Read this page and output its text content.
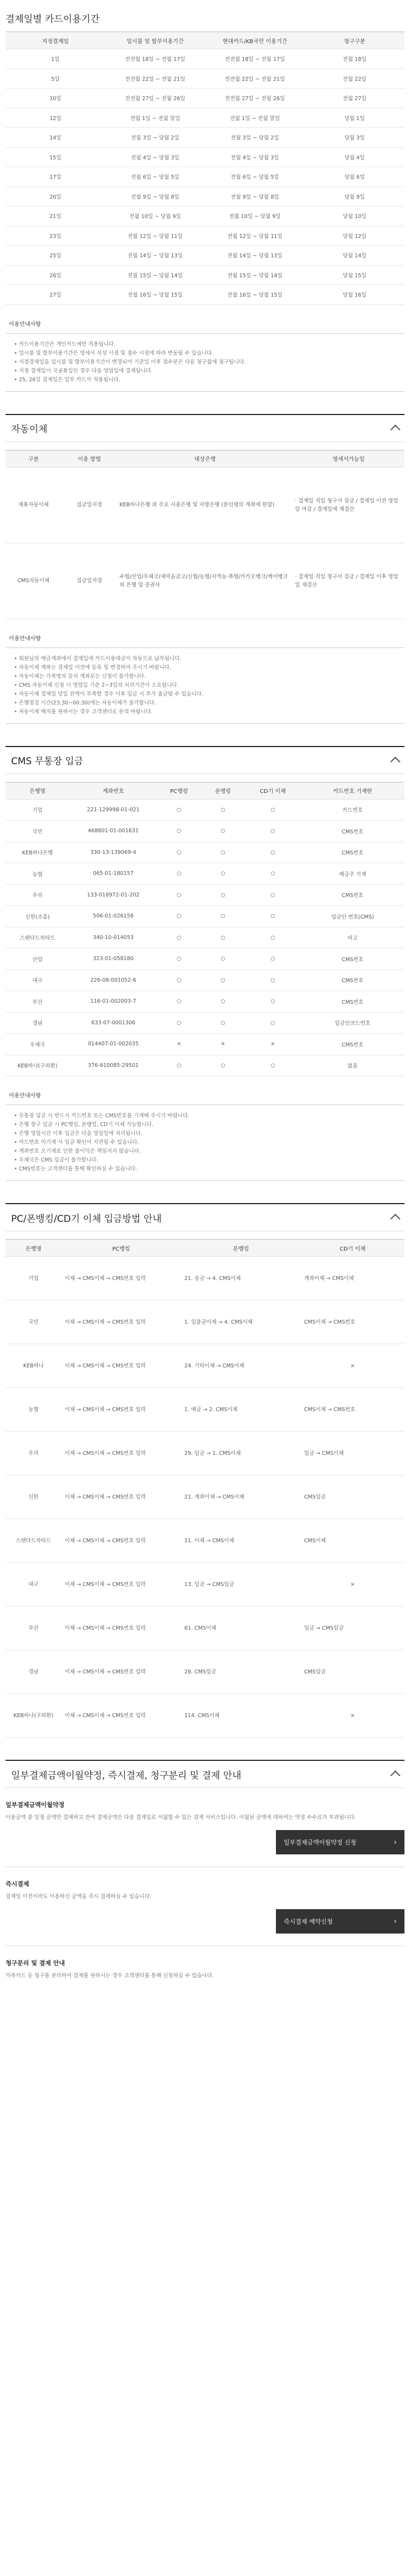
결제일별 카드이용기간
지정결제일	일시불 및 할부이용기간	현대카드/KB국민 이용기간	청구구분
1일	전전월 18일 ~ 전월 17일	전전월 18일 ~ 전월 17일	전월 18일
5일	전전월 22일 ~ 전월 21일	전전월 22일 ~ 전월 21일	전월 22일
10일	전전월 27일 ~ 전월 26일	전전월 27일 ~ 전월 26일	전월 27일
12일	전월 1일 ~ 전월 말일	전월 1일 ~ 전월 말일	당월 1일
14일	전월 3일 ~ 당월 2일	전월 3일 ~ 당월 2일	당월 3일
15일	전월 4일 ~ 당월 3일	전월 4일 ~ 당월 3일	당월 4일
17일	전월 6일 ~ 당월 5일	전월 6일 ~ 당월 5일	당월 6일
20일	전월 9일 ~ 당월 8일	전월 9일 ~ 당월 8일	당월 9일
21일	전월 10일 ~ 당월 9일	전월 10일 ~ 당월 9일	당월 10일
23일	전월 12일 ~ 당월 11일	전월 12일 ~ 당월 11일	당월 12일
25일	전월 14일 ~ 당월 13일	전월 14일 ~ 당월 13일	당월 14일
26일	전월 15일 ~ 당월 14일	전월 15일 ~ 당월 14일	당월 15일
27일	전월 16일 ~ 당월 15일	전월 16일 ~ 당월 15일	당월 16일
이용안내사항
• 카드이용기간은 개인카드에만 적용됩니다.
• 일시불 및 할부이용기간은 영세서 작성 시점 및 접수 시점에 따라 변동될 수 있습니다.
• 지정결제일을 일시불 및 할부이용기간이 변경되어 기준일 이후 접수분은 다음 청구월에 청구됩니다.
• 지정 결제일이 국공휴일인 경우 다음 영업일에 결제됩니다.
• 25, 26일 결제일은 일부 카드사 적용됩니다.
자동이체
구분	이용 방법	대상은행	영세서가능일
제휴자동이체	집금일지정	KEB하나은행 외 주요 시중은행 및 지방은행 (본인명의 계좌에 한함)	· 결제일 직일 청구서 집금 / 결제일 이전 영업일 마감 / 결제일에 재결산
CMS자동이체	집금일지정	수협/산업/우체국/새마을금고/신협/농협/지역농·축협/카카오뱅크/케이뱅크 외 은행 및 증권사	· 결제일 직일 청구서 집금 / 결제일 이후 영업일 재결산
이용안내사항
• 회원님의 예금계좌에서 결제일에 카드이용대금이 자동으로 납부됩니다.
• 자동이체 계좌는 결제일 이전에 등록 및 변경하여 주시기 바랍니다.
• 자동이체는 가족명의 등의 계좌로는 신청이 불가합니다.
• CMS 자동이체 신청 시 영업일 기준 2~3일의 처리기간이 소요됩니다.
• 자동이체 결제일 당일 잔액이 부족할 경우 이후 입금 시 추가 출금될 수 있습니다.
• 은행점검 시간(23:30~00:30)에는 자동이체가 불가합니다.
• 자동이체 해지를 원하시는 경우 고객센터로 문의 바랍니다.
CMS 무통장 입금
은행명	계좌번호	PC뱅킹	폰뱅킹	CD기 이체	카드번호 기재란
기업	221-129998-01-021	○	○	○	카드번호
국민	468801-01-001631	○	○	○	CMS번호
KEB하나은행	330-13-139069-4	○	○	○	CMS번호
농협	065-01-180157	○	○	○	예금주 기재
우리	133-018972-01-202	○	○	○	CMS번호
신한(조흥)	506-01-026158	○	○	○	입금인 번호(CMS)
스탠다드차타드	340-10-014053	○	○	○	비고
산업	323-01-058180	○	○	○	CMS번호
대구	226-08-001052-6	○	○	○	CMS번호
부산	116-01-002003-7	○	○	○	CMS번호
경남	633-07-0001306	○	○	○	입금인코드번호
우체국	014407-01-002035	×	×	×	CMS번호
KEB하나(구외환)	376-610085-29501	○	○	○	없음
이용안내사항
• 무통장 입금 시 반드시 카드번호 또는 CMS번호를 기재해 주시기 바랍니다.
• 은행 창구 입금 시 PC뱅킹, 폰뱅킹, CD기 이체 가능합니다.
• 은행 영업시간 이후 입금은 다음 영업일에 처리됩니다.
• 카드번호 미기재 시 입금 확인이 지연될 수 있습니다.
• 계좌번호 오기재로 인한 불이익은 책임지지 않습니다.
• 우체국은 CMS 입금이 불가합니다.
• CMS번호는 고객센터를 통해 확인하실 수 있습니다.
PC/폰뱅킹/CD기 이체 입금방법 안내
은행명	PC뱅킹	폰뱅킹	CD기 이체
기업	이체 → CMS이체 → CMS번호 입력	21. 송금 → 4. CMS이체	계좌이체 → CMS이체
국민	이체 → CMS이체 → CMS번호 입력	1. 입출금이체 → 4. CMS이체	CMS이체 → CMS번호
KEB하나	이체 → CMS이체 → CMS번호 입력	24. 기타이체 → CMS이체	×
농협	이체 → CMS이체 → CMS번호 입력	1. 예금 → 2. CMS이체	CMS이체 → CMS번호
우리	이체 → CMS이체 → CMS번호 입력	29. 입금 → 1. CMS이체	입금 → CMS이체
신한	이체 → CMS이체 → CMS번호 입력	21. 계좌이체 → CMS이체	CMS입금
스탠다드차타드	이체 → CMS이체 → CMS번호 입력	11. 이체 → CMS이체	CMS이체
대구	이체 → CMS이체 → CMS번호 입력	13. 입금 → CMS입금	×
부산	이체 → CMS이체 → CMS번호 입력	61. CMS이체	입금 → CMS입금
경남	이체 → CMS이체 → CMS번호 입력	28. CMS입금	CMS입금
KEB하나(구외환)	이체 → CMS이체 → CMS번호 입력	114. CMS이체	×
일부결제금액이월약정, 즉시결제, 청구분리 및 결제 안내
일부결제금액이월약정

이용금액 중 일정 금액만 결제하고 잔여 결제금액은 다음 결제일로 이월할 수 있는 결제 서비스입니다. 이월된 금액에 대하여는 약정 수수료가 부과됩니다.

일부결제금액이월약정 신청	›
즉시결제

결제일 이전이라도 이용하신 금액을 즉시 결제하실 수 있습니다.

즉시결제 예약신청	›
청구분리 및 결제 안내

가족카드 등 청구를 분리하여 결제를 원하시는 경우 고객센터를 통해 신청하실 수 있습니다.
